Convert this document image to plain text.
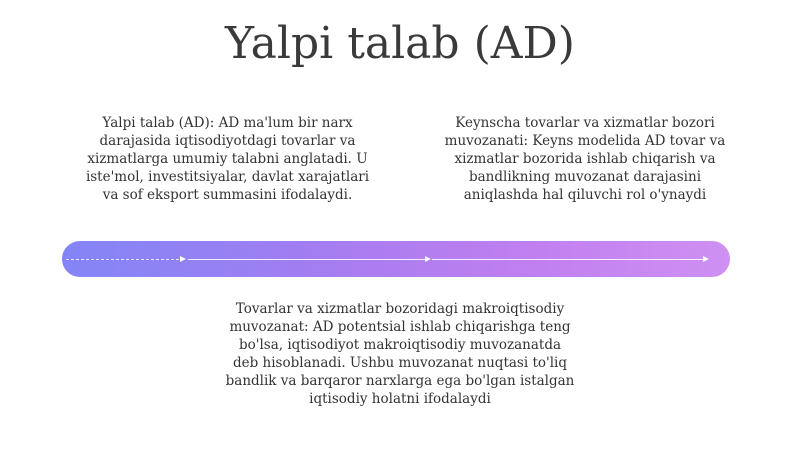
Yalpi talab (AD)

Yalpi talab (AD): AD ma'lum bir narx darajasida iqtisodiyotdagi tovarlar va xizmatlarga umumiy talabni anglatadi. U iste'mol, investitsiyalar, davlat xarajatlari va sof eksport summasini ifodalaydi.

Keynscha tovarlar va xizmatlar bozori muvozanati: Keyns modelida AD tovar va xizmatlar bozorida ishlab chiqarish va bandlikning muvozanat darajasini aniqlashda hal qiluvchi rol o'ynaydi

Tovarlar va xizmatlar bozoridagi makroiqtisodiy muvozanat: AD potentsial ishlab chiqarishga teng bo'lsa, iqtisodiyot makroiqtisodiy muvozanatda deb hisoblanadi. Ushbu muvozanat nuqtasi to'liq bandlik va barqaror narxlarga ega bo'lgan istalgan iqtisodiy holatni ifodalaydi
